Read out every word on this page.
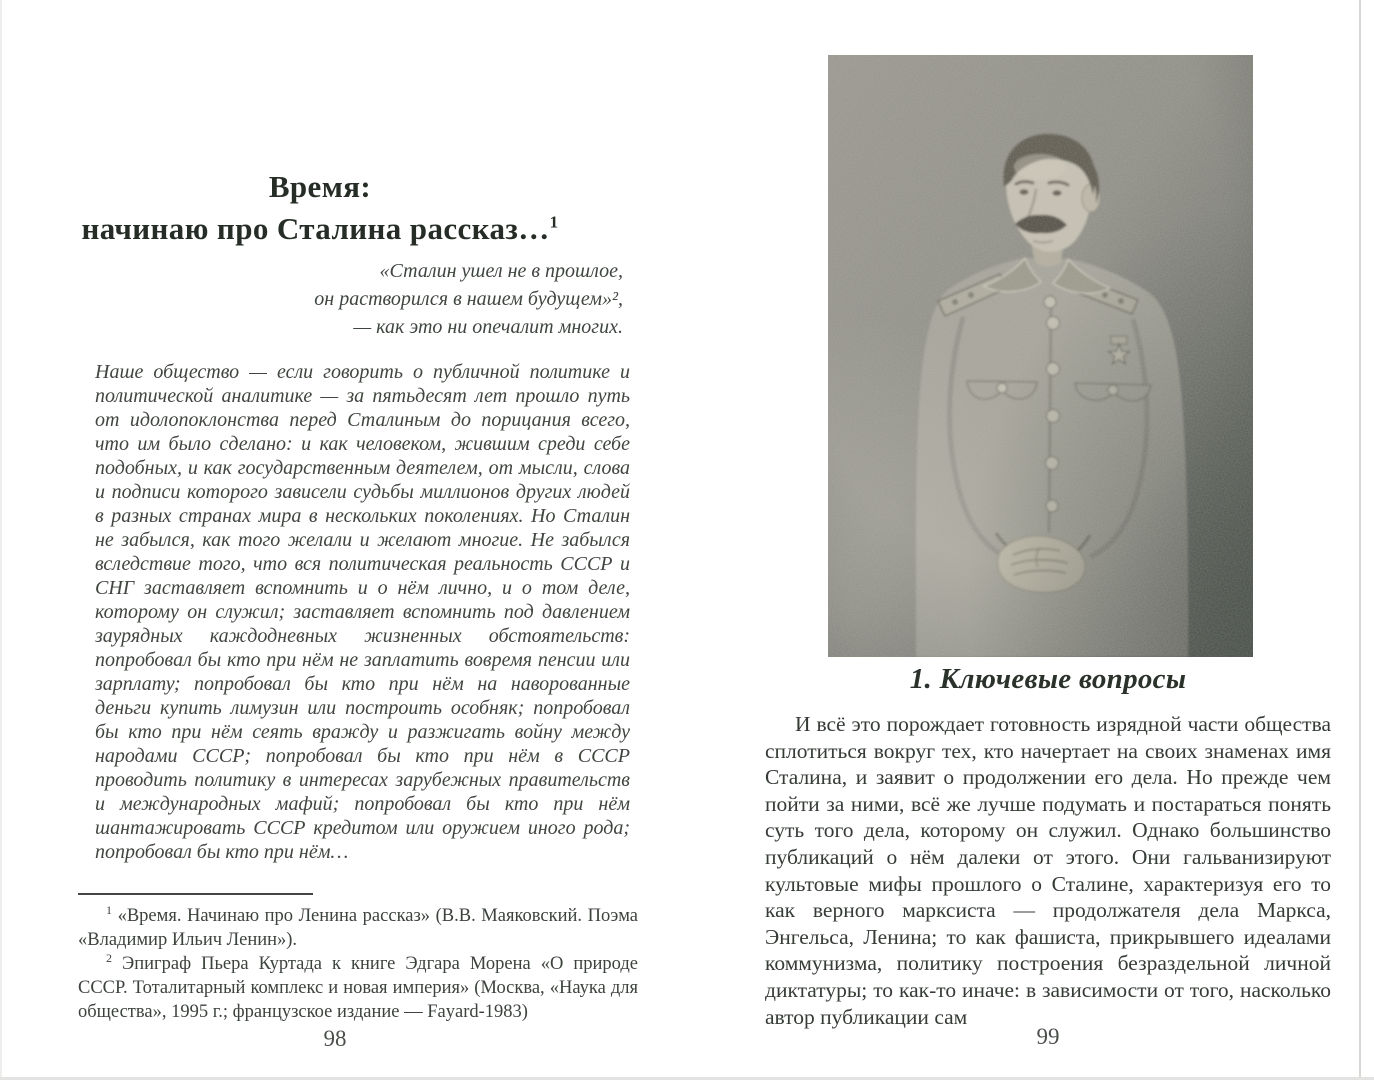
Время:
начинаю про Сталина рассказ…$^1$
«Сталин ушел не в прошлое,
он растворился в нашем будущем»²,
— как это ни опечалит многих.

Наше общество — если говорить о публичной политике и политической аналитике — за пятьдесят лет прошло путь от идолопоклонства перед Сталиным до порицания всего, что им было сделано: и как человеком, жившим среди себе подобных, и как государственным деятелем, от мысли, слова и подписи которого зависели судьбы миллионов других людей в разных странах мира в нескольких поколениях. Но Сталин не забылся, как того желали и желают многие. Не забылся вследствие того, что вся политическая реальность СССР и СНГ заставляет вспомнить и о нём лично, и о том деле, которому он служил; заставляет вспомнить под давлением заурядных каждодневных жизненных обстоятельств: попробовал бы кто при нём не заплатить вовремя пенсии или зарплату; попробовал бы кто при нём на наворованные деньги купить лимузин или построить особняк; попробовал бы кто при нём сеять вражду и разжигать войну между народами СССР; попробовал бы кто при нём в СССР проводить политику в интересах зарубежных правительств и международных мафий; попробовал бы кто при нём шантажировать СССР кредитом или оружием иного рода; попробовал бы кто при нём…

$^1$ «Время. Начинаю про Ленина рассказ» (В.В. Маяковский. Поэма «Владимир Ильич Ленин»).

$^2$ Эпиграф Пьера Куртада к книге Эдгара Морена «О природе СССР. Тоталитарный комплекс и новая империя» (Москва, «Наука для общества», 1995 г.; французское издание — Fayard-1983)

98
1. Ключевые вопросы

И всё это порождает готовность изрядной части общества сплотиться вокруг тех, кто начертает на своих знаменах имя Сталина, и заявит о продолжении его дела. Но прежде чем пойти за ними, всё же лучше подумать и постараться понять суть того дела, которому он служил. Однако большинство публикаций о нём далеки от этого. Они гальванизируют культовые мифы прошлого о Сталине, характеризуя его то как верного марксиста — продолжателя дела Маркса, Энгельса, Ленина; то как фашиста, прикрывшего идеалами коммунизма, политику построения безраздельной личной диктатуры; то как-то иначе: в зависимости от того, насколько автор публикации сам

99
